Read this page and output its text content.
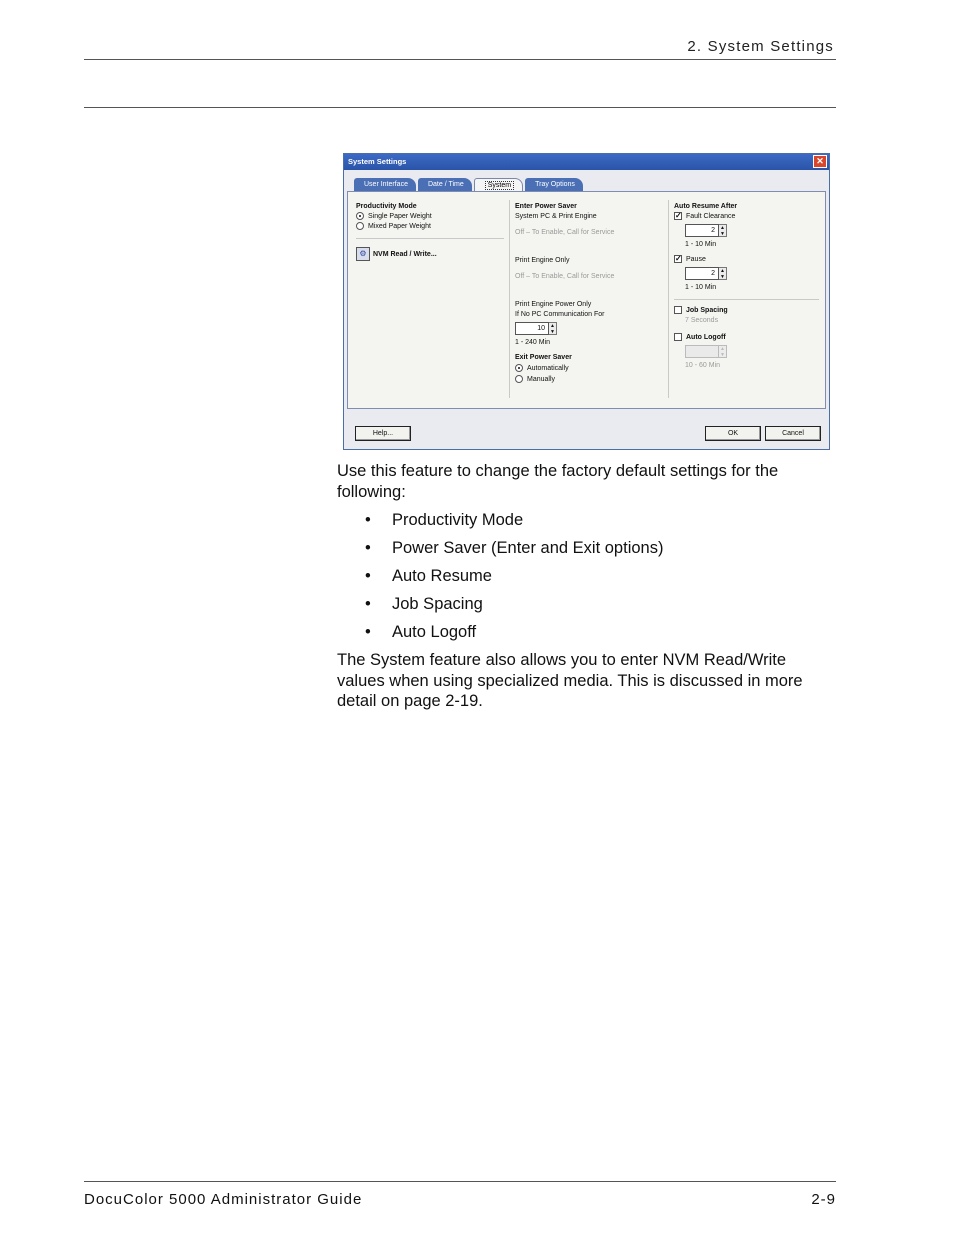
2. System Settings
System Settings	✕
User Interface	Date / Time	System	Tray Options
Productivity Mode
Single Paper Weight
Mixed Paper Weight
⚙ NVM Read / Write...
Enter Power Saver
System PC & Print Engine
Off – To Enable, Call for Service
Print Engine Only
Off – To Enable, Call for Service
Print Engine Power Only
If No PC Communication For
10	▲
▼
1 - 240 Min
Exit Power Saver
Automatically
Manually
Auto Resume After
✓ Fault Clearance
2	▲
▼
1 - 10 Min
✓ Pause
2	▲
▼
1 - 10 Min
Job Spacing
7 Seconds
Auto Logoff
▲
▼
10 - 60 Min
Help...	OK	Cancel

Use this feature to change the factory default settings for the following:

• Productivity Mode
• Power Saver (Enter and Exit options)
• Auto Resume
• Job Spacing
• Auto Logoff

The System feature also allows you to enter NVM Read/Write values when using specialized media. This is discussed in more detail on page 2-19.

DocuColor 5000 Administrator Guide	2-9
